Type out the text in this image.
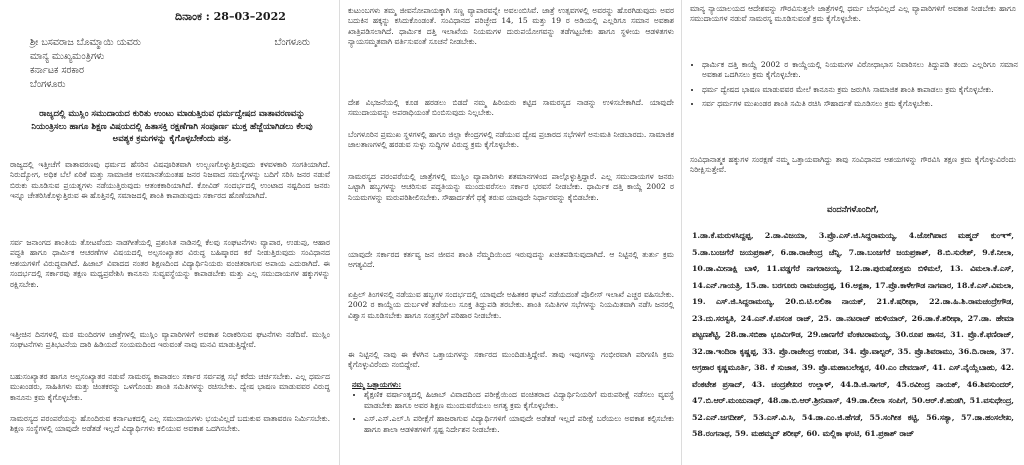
ದಿನಾಂಕ : 28–03–2022
ಶ್ರೀ ಬಸವರಾಜ ಬೊಮ್ಮಾಯಿ ಯವರು	ಬೆಂಗಳೂರು
ಮಾನ್ಯ ಮುಖ್ಯಮಂತ್ರಿಗಳು
ಕರ್ನಾಟಕ ಸರಕಾರ
ಬೆಂಗಳೂರು
ರಾಜ್ಯದಲ್ಲಿ ಮುಸ್ಲಿಂ ಸಮುದಾಯದ ಕುರಿತು ಉಂಟು ಮಾಡುತ್ತಿರುವ ಧರ್ಮದ್ವೇಷದ ವಾತಾವರಣವನ್ನು ನಿಯಂತ್ರಿಸಲು ಹಾಗೂ ಶಿಕ್ಷಣ ವಿಷಯದಲ್ಲಿ ಹಿತಾಸಕ್ತಿ ರಕ್ಷಣೆಗಾಗಿ ಸಂಪೂರ್ಣ ಮುಕ್ತ ಹೆಜ್ಜೆಯಾಗಿಡಲು ಕೆಲವು ಅವಶ್ಯಕ ಕ್ರಮಗಳನ್ನು ಕೈಗೊಳ್ಳಬೇಕೆಂದು ಪತ್ರ.
ರಾಜ್ಯದಲ್ಲಿ ಇತ್ತೀಚೆಗೆ ವಾತಾವರಣವು ಧರ್ಮದ ಹೆಸರಿನ ವಿಷಪೂರಿತವಾಗಿ ಉಲ್ಬಣಗೊಳ್ಳುತ್ತಿರುವುದು ಕಳವಳಕಾರಿ ಸಂಗತಿಯಾಗಿದೆ. ನಿರುದ್ಯೋಗ, ಅಧಿಕ ಬೆಲೆ ಏರಿಕೆ ಮತ್ತು ಸಾಮಾಜಿಕ ಅಸಮಾನತೆಯಂತಹ ಜನರ ನಿಜವಾದ ಸಮಸ್ಯೆಗಳನ್ನು ಬದಿಗೆ ಸರಿಸಿ ಜನರ ನಡುವೆ ಬಿರುಕು ಮೂಡಿಸುವ ಪ್ರಯತ್ನಗಳು ನಡೆಯುತ್ತಿರುವುದು ಆತಂಕಕಾರಿಯಾಗಿದೆ. ಕೋವಿಡ್ ಸಂದರ್ಭದಲ್ಲಿ ಉಂಟಾದ ನಷ್ಟದಿಂದ ಜನರು ಇನ್ನೂ ಚೇತರಿಸಿಕೊಳ್ಳುತ್ತಿರುವ ಈ ಹೊತ್ತಿನಲ್ಲಿ ಸಮಾಜದಲ್ಲಿ ಶಾಂತಿ ಕಾಪಾಡುವುದು ಸರ್ಕಾರದ ಹೊಣೆಯಾಗಿದೆ.
ಸರ್ವ ಜನಾಂಗದ ಶಾಂತಿಯ ತೋಟವೆಂದು ನಾಡಗೀತೆಯಲ್ಲಿ ಪ್ರಶಂಸಿತ ನಾಡಿನಲ್ಲಿ ಕೆಲವು ಸಂಘಟನೆಗಳು ವ್ಯಾಪಾರ, ಉಡುಪು, ಆಹಾರ ಪದ್ಧತಿ ಹಾಗೂ ಧಾರ್ಮಿಕ ಆಚರಣೆಗಳ ವಿಷಯದಲ್ಲಿ ಅಲ್ಪಸಂಖ್ಯಾತರ ವಿರುದ್ಧ ಬಹಿಷ್ಕಾರದ ಕರೆ ನೀಡುತ್ತಿರುವುದು ಸಂವಿಧಾನದ ಆಶಯಗಳಿಗೆ ವಿರುದ್ಧವಾಗಿದೆ. ಹಿಜಾಬ್ ವಿವಾದದ ನಂತರ ಶಿಕ್ಷಣದಿಂದ ವಿದ್ಯಾರ್ಥಿನಿಯರು ವಂಚಿತರಾಗುವ ಅಪಾಯ ಎದುರಾಗಿದೆ. ಈ ಸಂದರ್ಭದಲ್ಲಿ ಸರ್ಕಾರವು ತಕ್ಷಣ ಮಧ್ಯಪ್ರವೇಶಿಸಿ ಕಾನೂನು ಸುವ್ಯವಸ್ಥೆಯನ್ನು ಕಾಪಾಡಬೇಕು ಮತ್ತು ಎಲ್ಲ ಸಮುದಾಯಗಳ ಹಕ್ಕುಗಳನ್ನು ರಕ್ಷಿಸಬೇಕು.
ಇತ್ತೀಚಿನ ದಿನಗಳಲ್ಲಿ ಮಠ ಮಂದಿರಗಳ ಜಾತ್ರೆಗಳಲ್ಲಿ ಮುಸ್ಲಿಂ ವ್ಯಾಪಾರಿಗಳಿಗೆ ಅವಕಾಶ ನಿರಾಕರಿಸುವ ಘಟನೆಗಳು ನಡೆದಿವೆ. ಮುಸ್ಲಿಂ ಸಂಘಟನೆಗಳು ಪ್ರತಿಭಟನೆಯ ದಾರಿ ಹಿಡಿಯದೆ ಸಂಯಮದಿಂದ ಇರುವಂತೆ ನಾವು ಮನವಿ ಮಾಡುತ್ತಿದ್ದೇವೆ.
ಬಹುಸಂಖ್ಯಾತರ ಹಾಗೂ ಅಲ್ಪಸಂಖ್ಯಾತರ ನಡುವೆ ಸಾಮರಸ್ಯ ಕಾಪಾಡಲು ಸರ್ಕಾರ ಸರ್ವಪಕ್ಷ ಸಭೆ ಕರೆದು ಚರ್ಚಿಸಬೇಕು. ಎಲ್ಲ ಧರ್ಮದ ಮುಖಂಡರು, ಸಾಹಿತಿಗಳು ಮತ್ತು ಚಿಂತಕರನ್ನು ಒಳಗೊಂಡು ಶಾಂತಿ ಸಮಿತಿಗಳನ್ನು ರಚಿಸಬೇಕು. ದ್ವೇಷ ಭಾಷಣ ಮಾಡುವವರ ವಿರುದ್ಧ ಕಾನೂನು ಕ್ರಮ ಕೈಗೊಳ್ಳಬೇಕು.
ಸಾಮರಸ್ಯದ ಪರಂಪರೆಯನ್ನು ಹೊಂದಿರುವ ಕರ್ನಾಟಕದಲ್ಲಿ ಎಲ್ಲ ಸಮುದಾಯಗಳು ಭಯವಿಲ್ಲದೆ ಬದುಕುವ ವಾತಾವರಣ ನಿರ್ಮಿಸಬೇಕು. ಶಿಕ್ಷಣ ಸಂಸ್ಥೆಗಳಲ್ಲಿ ಯಾವುದೇ ಅಡೆತಡೆ ಇಲ್ಲದೆ ವಿದ್ಯಾರ್ಥಿಗಳು ಕಲಿಯುವ ಅವಕಾಶ ಒದಗಿಸಬೇಕು.
ಕುಟುಂಬಗಳು ತಮ್ಮ ಜೀವನೋಪಾಯಕ್ಕಾಗಿ ಸಣ್ಣ ವ್ಯಾಪಾರವನ್ನೇ ಅವಲಂಬಿಸಿವೆ. ಜಾತ್ರೆ ಉತ್ಸವಗಳಲ್ಲಿ ಅವರನ್ನು ಹೊರಗಿಡುವುದು ಅವರ ಬದುಕಿನ ಹಕ್ಕನ್ನು ಕಸಿದುಕೊಂಡಂತೆ. ಸಂವಿಧಾನದ ಪರಿಚ್ಛೇದ 14, 15 ಮತ್ತು 19 ರ ಅಡಿಯಲ್ಲಿ ಎಲ್ಲರಿಗೂ ಸಮಾನ ಅವಕಾಶ ಖಾತ್ರಿಪಡಿಸಲಾಗಿದೆ. ಧಾರ್ಮಿಕ ದತ್ತಿ ಇಲಾಖೆಯ ನಿಯಮಗಳ ದುರುಪಯೋಗವನ್ನು ತಡೆಗಟ್ಟಬೇಕು ಹಾಗೂ ಸ್ಥಳೀಯ ಆಡಳಿತಗಳು ನ್ಯಾಯಸಮ್ಮತವಾಗಿ ವರ್ತಿಸುವಂತೆ ಸೂಚನೆ ನೀಡಬೇಕು.
ದೇಶ ವಿಭಜನೆಯಲ್ಲಿ ಕೂಡ ಹರಡಲು ಬಿಡದೆ ನಮ್ಮ ಹಿರಿಯರು ಕಟ್ಟಿದ ಸಾಮರಸ್ಯದ ನಾಡನ್ನು ಉಳಿಸಬೇಕಾಗಿದೆ. ಯಾವುದೇ ಸಮುದಾಯವನ್ನು ಅಪರಾಧಿಯಂತೆ ಬಿಂಬಿಸುವುದು ನಿಲ್ಲಬೇಕು.
ಬೆಂಗಳೂರಿನ ಪ್ರಮುಖ ಸ್ಥಳಗಳಲ್ಲಿ ಹಾಗೂ ಜಿಲ್ಲಾ ಕೇಂದ್ರಗಳಲ್ಲಿ ನಡೆಯುವ ದ್ವೇಷ ಪ್ರಚಾರದ ಸಭೆಗಳಿಗೆ ಅನುಮತಿ ನೀಡಬಾರದು. ಸಾಮಾಜಿಕ ಜಾಲತಾಣಗಳಲ್ಲಿ ಹರಡುವ ಸುಳ್ಳು ಸುದ್ದಿಗಳ ವಿರುದ್ಧ ಕ್ರಮ ಕೈಗೊಳ್ಳಬೇಕು.
ಸಾಮರಸ್ಯದ ಪರಂಪರೆಯಲ್ಲಿ ಜಾತ್ರೆಗಳಲ್ಲಿ ಮುಸ್ಲಿಂ ವ್ಯಾಪಾರಿಗಳು ಶತಮಾನಗಳಿಂದ ಪಾಲ್ಗೊಳ್ಳುತ್ತಿದ್ದಾರೆ. ಎಲ್ಲ ಸಮುದಾಯಗಳ ಜನರು ಒಟ್ಟಾಗಿ ಹಬ್ಬಗಳನ್ನು ಆಚರಿಸುವ ಪದ್ಧತಿಯನ್ನು ಮುಂದುವರೆಸಲು ಸರ್ಕಾರ ಭರವಸೆ ನೀಡಬೇಕು. ಧಾರ್ಮಿಕ ದತ್ತಿ ಕಾಯ್ದೆ 2002 ರ ನಿಯಮಗಳನ್ನು ಮರುಪರಿಶೀಲಿಸಬೇಕು. ಸೌಹಾರ್ದತೆಗೆ ಧಕ್ಕೆ ತರುವ ಯಾವುದೇ ನಿರ್ಧಾರವನ್ನು ಕೈಬಿಡಬೇಕು.
ಯಾವುದೇ ಸರ್ಕಾರದ ಕರ್ತವ್ಯ ಜನ ಜೀವನ ಶಾಂತಿ ನೆಮ್ಮದಿಯಿಂದ ಇರುವುದನ್ನು ಖಚಿತಪಡಿಸುವುದಾಗಿದೆ. ಆ ನಿಟ್ಟಿನಲ್ಲಿ ತುರ್ತು ಕ್ರಮ ಅಗತ್ಯವಿದೆ.
ಏಪ್ರಿಲ್ ತಿಂಗಳಿನಲ್ಲಿ ನಡೆಯುವ ಹಬ್ಬಗಳ ಸಂದರ್ಭದಲ್ಲಿ ಯಾವುದೇ ಅಹಿತಕರ ಘಟನೆ ನಡೆಯದಂತೆ ಪೊಲೀಸ್ ಇಲಾಖೆ ಎಚ್ಚರ ವಹಿಸಬೇಕು. 2002 ರ ಕಾಯ್ದೆಯ ದುರ್ಬಳಕೆ ತಡೆಯಲು ಸೂಕ್ತ ತಿದ್ದುಪಡಿ ತರಬೇಕು. ಶಾಂತಿ ಸಮಿತಿಗಳ ಸಭೆಗಳನ್ನು ನಿಯಮಿತವಾಗಿ ನಡೆಸಿ ಜನರಲ್ಲಿ ವಿಶ್ವಾಸ ಮೂಡಿಸಬೇಕು ಹಾಗೂ ಸಂತ್ರಸ್ತರಿಗೆ ಪರಿಹಾರ ನೀಡಬೇಕು.
ಈ ನಿಟ್ಟಿನಲ್ಲಿ ನಾವು ಈ ಕೆಳಗಿನ ಒತ್ತಾಯಗಳನ್ನು ಸರ್ಕಾರದ ಮುಂದಿಡುತ್ತಿದ್ದೇವೆ. ತಾವು ಇವುಗಳನ್ನು ಗಂಭೀರವಾಗಿ ಪರಿಗಣಿಸಿ ಕ್ರಮ ಕೈಗೊಳ್ಳುವಿರೆಂದು ನಂಬಿದ್ದೇವೆ.
ನಮ್ಮ ಒತ್ತಾಯಗಳು:
• ಶೈಕ್ಷಣಿಕ ವರ್ಷಾಂತ್ಯದಲ್ಲಿ ಹಿಜಾಬ್ ವಿವಾದದಿಂದ ಪರೀಕ್ಷೆಯಿಂದ ವಂಚಿತರಾದ ವಿದ್ಯಾರ್ಥಿನಿಯರಿಗೆ ಮರುಪರೀಕ್ಷೆ ನಡೆಸಲು ವ್ಯವಸ್ಥೆ ಮಾಡಬೇಕು ಹಾಗೂ ಅವರ ಶಿಕ್ಷಣ ಮುಂದುವರೆಯಲು ಅಗತ್ಯ ಕ್ರಮ ಕೈಗೊಳ್ಳಬೇಕು.
• ಎಸ್.ಎಸ್.ಎಲ್.ಸಿ ಪರೀಕ್ಷೆಗೆ ಹಾಜರಾಗುವ ವಿದ್ಯಾರ್ಥಿಗಳಿಗೆ ಯಾವುದೇ ಅಡೆತಡೆ ಇಲ್ಲದೆ ಪರೀಕ್ಷೆ ಬರೆಯಲು ಅವಕಾಶ ಕಲ್ಪಿಸಬೇಕು ಹಾಗೂ ಶಾಲಾ ಆಡಳಿತಗಳಿಗೆ ಸ್ಪಷ್ಟ ನಿರ್ದೇಶನ ನೀಡಬೇಕು.
ಮಾನ್ಯ ನ್ಯಾಯಾಲಯದ ಆದೇಶವನ್ನು ಗೌರವಿಸುತ್ತಲೇ ಜಾತ್ರೆಗಳಲ್ಲಿ ಧರ್ಮ ಬೇಧವಿಲ್ಲದೆ ಎಲ್ಲ ವ್ಯಾಪಾರಿಗಳಿಗೆ ಅವಕಾಶ ನೀಡಬೇಕು ಹಾಗೂ ಸಮುದಾಯಗಳ ನಡುವೆ ಸಾಮರಸ್ಯ ಮೂಡಿಸುವಂತೆ ಕ್ರಮ ಕೈಗೊಳ್ಳಬೇಕು.
• ಧಾರ್ಮಿಕ ದತ್ತಿ ಕಾಯ್ದೆ 2002 ರ ಕಾಯ್ದೆಯಲ್ಲಿ ನಿಯಮಗಳ ವಿರೋಧಾಭಾಸ ನಿವಾರಿಸಲು ತಿದ್ದುಪಡಿ ತಂದು ಎಲ್ಲರಿಗೂ ಸಮಾನ ಅವಕಾಶ ಒದಗಿಸಲು ಕ್ರಮ ಕೈಗೊಳ್ಳಬೇಕು.
• ಧರ್ಮ ದ್ವೇಷದ ಭಾಷಣ ಮಾಡುವವರ ಮೇಲೆ ಕಾನೂನು ಕ್ರಮ ಜರುಗಿಸಿ ಸಾಮಾಜಿಕ ಶಾಂತಿ ಕಾಪಾಡಲು ಕ್ರಮ ಕೈಗೊಳ್ಳಬೇಕು.
• ಸರ್ವ ಧರ್ಮಗಳ ಮುಖಂಡರ ಶಾಂತಿ ಸಮಿತಿ ರಚಿಸಿ ಸೌಹಾರ್ದತೆ ಮೂಡಿಸಲು ಕ್ರಮ ಕೈಗೊಳ್ಳಬೇಕು.
ಸಂವಿಧಾನಾತ್ಮಕ ಹಕ್ಕುಗಳ ಸಂರಕ್ಷಣೆ ನಮ್ಮ ಒತ್ತಾಯವಾಗಿದ್ದು ತಾವು ಸಂವಿಧಾನದ ಆಶಯಗಳನ್ನು ಗೌರವಿಸಿ ತಕ್ಷಣ ಕ್ರಮ ಕೈಗೊಳ್ಳುವಿರೆಂದು ನಿರೀಕ್ಷಿಸುತ್ತೇವೆ.
ವಂದನೆಗಳೊಂದಿಗೆ,
1.ಡಾ.ಕೆ.ಮರುಳಸಿದ್ದಪ್ಪ, 2.ಡಾ.ವಿಜಯಾ, 3.ಪ್ರೊ.ಎಸ್.ಜಿ.ಸಿದ್ದರಾಮಯ್ಯ, 4.ಜೋಗಿಪಾದ ಮಹ್ಮದ್ ಕುಂಞ್, 5.ಡಾ.ಬಂಜಗೆರೆ ಜಯಪ್ರಕಾಶ್, 6.ಡಾ.ರಾಜೇಂದ್ರ ಚೆನ್ನಿ, 7.ಡಾ.ಬಂಜಗೆರೆ ಜಯಪ್ರಕಾಶ್, 8.ಬಿ.ಸುರೇಶ್, 9.ಕೆ.ನೀಲಾ, 10.ಡಾ.ಮೀನಾಕ್ಷಿ ಬಾಳಿ, 11.ವಡ್ಡಗೆರೆ ನಾಗರಾಜಯ್ಯ, 12.ಡಾ.ಪುರುಷೋತ್ತಮ ಬಿಳಿಮಲೆ, 13. ವಿಮಲಾ.ಕೆ.ಎಸ್, 14.ಎನ್.ಗಾಯತ್ರಿ, 15.ಡಾ. ಬರಗೂರು ರಾಮಚಂದ್ರಪ್ಪ, 16.ಅಕ್ಷತಾ, 17.ಪ್ರೊ.ಕಾಳೇಗೌಡ ನಾಗವಾರ, 18.ಕೆ.ಎಸ್.ವಿಮಲಾ, 19. ಎಸ್.ಜಿ.ಸಿದ್ದರಾಮಯ್ಯ, 20.ಬಿ.ಟಿ.ಲಲಿತಾ ನಾಯಕ್, 21.ಕೆ.ಷರೀಫಾ, 22.ಡಾ.ಹಿ.ಶಿ.ರಾಮಚಂದ್ರೇಗೌಡ, 23.ದು.ಸರಸ್ವತಿ, 24.ಎನ್.ಕೆ.ವಸಂತ ರಾಜ್, 25. ಡಾ.ನಟರಾಜ್ ಹುಳಿಯಾರ್, 26.ಡಾ.ಕೆ.ಶರೀಫಾ, 27.ಡಾ. ಹೇಮಾ ಪಟ್ಟಣಶೆಟ್ಟಿ, 28.ಡಾ.ಸಬಿಹಾ ಭೂಮಿಗೌಡ, 29.ಜಾಣಗೆರೆ ವೆಂಕಟರಾಮಯ್ಯ, 30.ರೂಪ ಹಾಸನ, 31. ಪ್ರೊ.ಕೆ.ಫಣಿರಾಜ್, 32.ಡಾ.ಇಂದಿರಾ ಕೃಷ್ಣಪ್ಪ, 33. ಪ್ರೊ.ರಾಜೇಂದ್ರ ಉಡುಪ, 34. ಪ್ರೊ.ವಾಲ್ಟರ್, 35. ಪ್ರೊ.ಶಿವರಾಮು, 36.ದಿ.ರಾಜಾ, 37. ಅಗ್ರಹಾರ ಕೃಷ್ಣಮೂರ್ತಿ, 38. ಕೆ ಸುಜಾತ, 39. ಪ್ರೊ.ಮಹಾಬಲೇಶ್ವರ, 40.ಎಂ ದೇವದಾಸ್, 41. ಎಸ್.ನೈಯ್ಲೆಬಾಹು, 42. ವೆಂಕಟೇಶ ಪ್ರಸಾದ್, 43. ಚಂದ್ರಶೇಖರ ಉಲ್ಲಾಳ್, 44.ಡಿ.ಜಿ.ಸಾಗರ್, 45.ರವೀಂದ್ರ ನಾಯಕ್, 46.ಶಿವಸುಂದರ್, 47.ಬಿ.ಆರ್.ಮಂಜುನಾಥ್, 48.ಡಾ.ಬಿ.ಆರ್.ಶ್ರೀನಿವಾಸ್, 49.ಡಾ.ಲೀಲಾ ಸಂಪಿಗೆ, 50.ಆರ್.ಕೆ.ಹುಡಗಿ, 51.ವಸುಧೇಂದ್ರ, 52.ಎನ್.ಜಗದೀಶ್, 53.ಎಸ್.ವಿ.ಸಿ, 54.ಡಾ.ಎಂ.ಜಿ.ಹೆಗಡೆ, 55.ಸಂಗೀತ ಕಟ್ಟಿ, 56.ಸತ್ಯಾ, 57.ಡಾ.ಹಂಸಲೇಖ, 58.ರಂಗನಾಥ, 59. ಮಹಮ್ಮದ್ ಶರೀಫ್, 60. ಮಲ್ಲಿಕಾ ಘಂಟಿ, 61.ಪ್ರಕಾಶ್ ರಾಜ್
